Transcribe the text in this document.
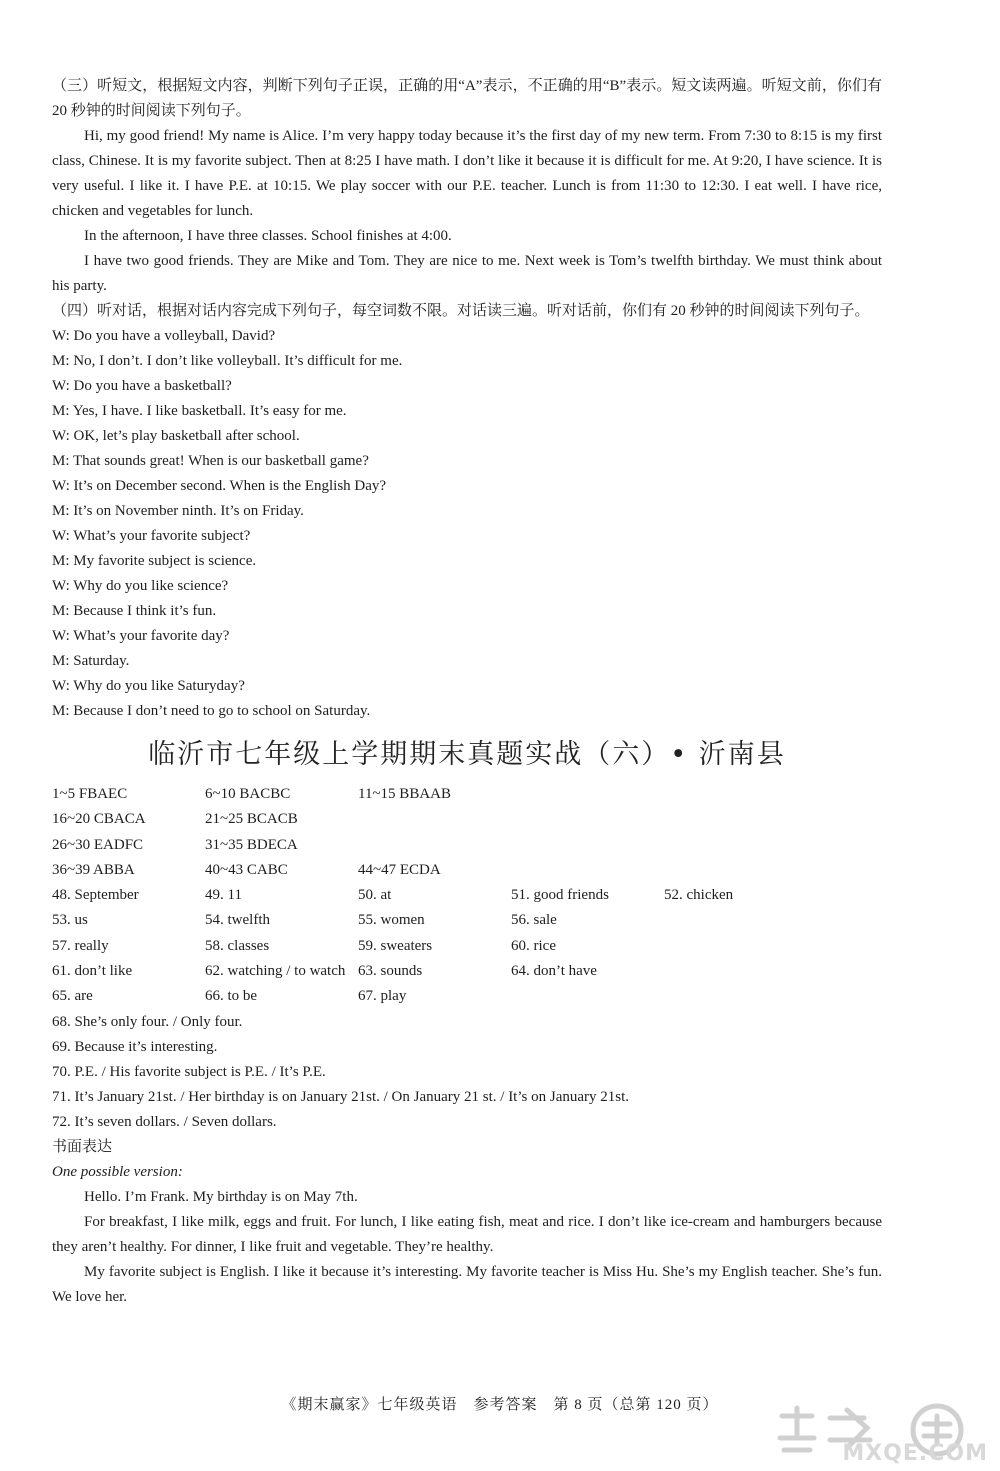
（三）听短文，根据短文内容，判断下列句子正误，正确的用“A”表示，不正确的用“B”表示。短文读两遍。听短文前，你们有 20 秒钟的时间阅读下列句子。

Hi, my good friend! My name is Alice. I’m very happy today because it’s the first day of my new term. From 7:30 to 8:15 is my first class, Chinese. It is my favorite subject. Then at 8:25 I have math. I don’t like it because it is difficult for me. At 9:20, I have science. It is very useful. I like it. I have P.E. at 10:15. We play soccer with our P.E. teacher. Lunch is from 11:30 to 12:30. I eat well. I have rice, chicken and vegetables for lunch.

In the afternoon, I have three classes. School finishes at 4:00.

I have two good friends. They are Mike and Tom. They are nice to me. Next week is Tom’s twelfth birthday. We must think about his party.

（四）听对话，根据对话内容完成下列句子，每空词数不限。对话读三遍。听对话前，你们有 20 秒钟的时间阅读下列句子。

W: Do you have a volleyball, David?

M: No, I don’t. I don’t like volleyball. It’s difficult for me.

W: Do you have a basketball?

M: Yes, I have. I like basketball. It’s easy for me.

W: OK, let’s play basketball after school.

M: That sounds great! When is our basketball game?

W: It’s on December second. When is the English Day?

M: It’s on November ninth. It’s on Friday.

W: What’s your favorite subject?

M: My favorite subject is science.

W: Why do you like science?

M: Because I think it’s fun.

W: What’s your favorite day?

M: Saturday.

W: Why do you like Saturyday?

M: Because I don’t need to go to school on Saturday.

临沂市七年级上学期期末真题实战（六）• 沂南县
1~5 FBAEC	6~10 BACBC	11~15 BBAAB
16~20 CBACA	21~25 BCACB
26~30 EADFC	31~35 BDECA
36~39 ABBA	40~43 CABC	44~47 ECDA
48. September	49. 11	50. at	51. good friends	52. chicken
53. us	54. twelfth	55. women	56. sale
57. really	58. classes	59. sweaters	60. rice
61. don’t like	62. watching / to watch 63. sounds	64. don’t have
65. are	66. to be	67. play

68. She’s only four. / Only four.

69. Because it’s interesting.

70. P.E. / His favorite subject is P.E. / It’s P.E.

71. It’s January 21st. / Her birthday is on January 21st. / On January 21 st. / It’s on January 21st.

72. It’s seven dollars. / Seven dollars.

书面表达

One possible version:

Hello. I’m Frank. My birthday is on May 7th.

For breakfast, I like milk, eggs and fruit. For lunch, I like eating fish, meat and rice. I don’t like ice-cream and hamburgers because they aren’t healthy. For dinner, I like fruit and vegetable. They’re healthy.

My favorite subject is English. I like it because it’s interesting. My favorite teacher is Miss Hu. She’s my English teacher. She’s fun. We love her.

《期末赢家》七年级英语　参考答案　第 8 页（总第 120 页）
MXQE.COM
